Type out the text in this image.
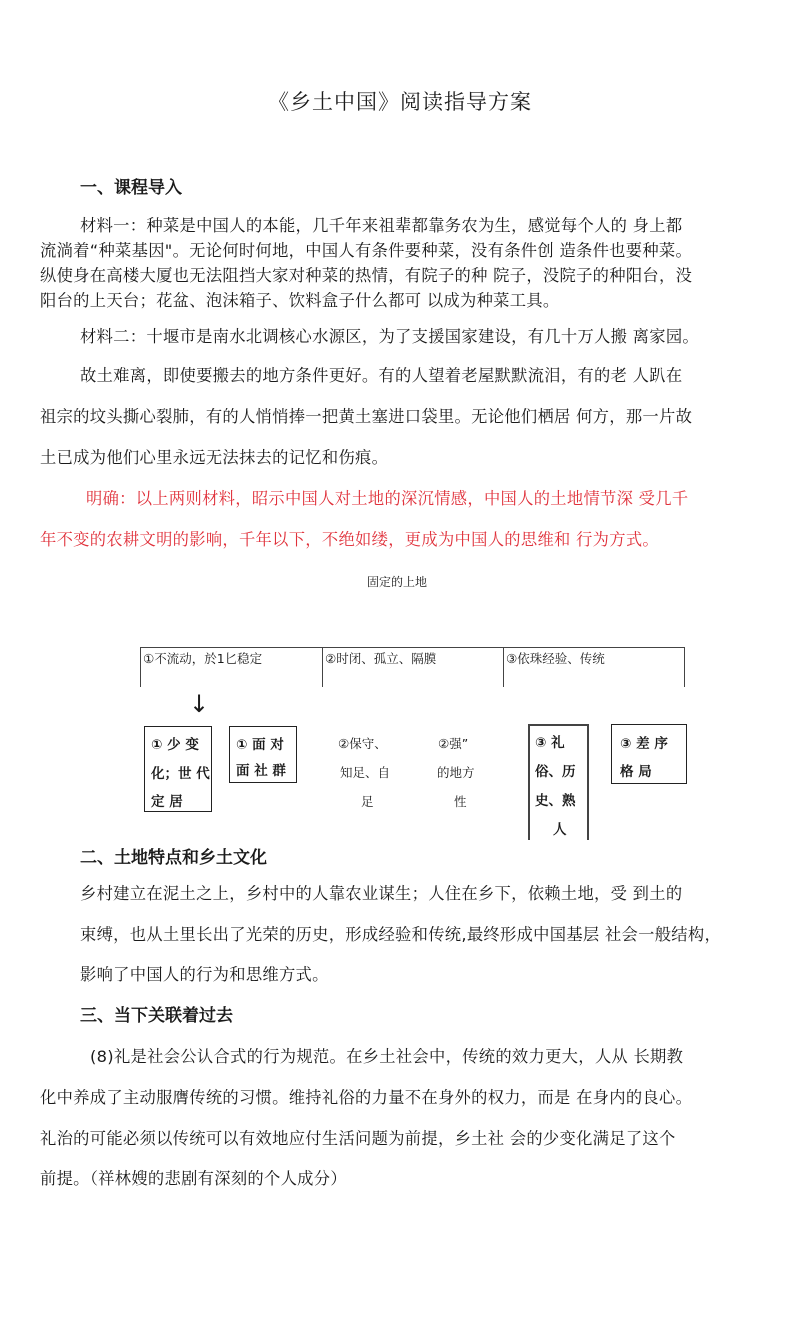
《乡土中国》阅读指导方案
一、课程导入
材料一：种菜是中国人的本能，几千年来祖辈都靠务农为生，感觉每个人的 身上都
流淌着“种菜基因"。无论何时何地，中国人有条件要种菜，没有条件创 造条件也要种菜。
纵使身在高楼大厦也无法阻挡大家对种菜的热情，有院子的种 院子，没院子的种阳台，没
阳台的上天台；花盆、泡沫箱子、饮料盒子什么都可 以成为种菜工具。
材料二：十堰市是南水北调核心水源区，为了支援国家建设，有几十万人搬 离家园。
故土难离，即使要搬去的地方条件更好。有的人望着老屋默默流泪，有的老 人趴在
祖宗的坟头撕心裂肺，有的人悄悄捧一把黄土塞进口袋里。无论他们栖居 何方，那一片故
土已成为他们心里永远无法抹去的记忆和伤痕。
明确：以上两则材料，昭示中国人对土地的深沉情感，中国人的土地情节深 受几千
年不变的农耕文明的影响，千年以下，不绝如缕，更成为中国人的思维和 行为方式。
固定的上地
①不流动，於1匕稳定	②时闭、孤立、隔膜	③依珠经验、传统
↓
① 少 变
化；世 代
定 居
① 面 对
面 社 群
②保守、
知足、自
足
②强”
的地方
性
③ 礼
俗、历
史、熟
人
③ 差 序
格 局
二、土地特点和乡土文化
乡村建立在泥土之上，乡村中的人靠农业谋生；人住在乡下，依赖土地，受 到土的
束缚，也从土里长出了光荣的历史，形成经验和传统,最终形成中国基层 社会一般结构，
影响了中国人的行为和思维方式。
三、当下关联着过去
(8)礼是社会公认合式的行为规范。在乡土社会中，传统的效力更大，人从 长期教
化中养成了主动服膺传统的习惯。维持礼俗的力量不在身外的权力，而是 在身内的良心。
礼治的可能必须以传统可以有效地应付生活问题为前提，乡土社 会的少变化满足了这个
前提。（祥林嫂的悲剧有深刻的个人成分）
